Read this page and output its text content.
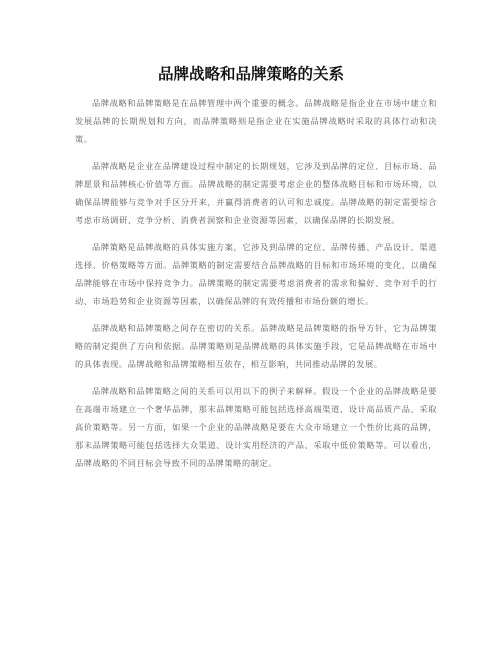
品牌战略和品牌策略的关系

品牌战略和品牌策略是在品牌管理中两个重要的概念。品牌战略是指企业在市场中建立和发展品牌的长期规划和方向，而品牌策略则是指企业在实施品牌战略时采取的具体行动和决策。

品牌战略是企业在品牌建设过程中制定的长期规划，它涉及到品牌的定位、目标市场、品牌愿景和品牌核心价值等方面。品牌战略的制定需要考虑企业的整体战略目标和市场环境，以确保品牌能够与竞争对手区分开来，并赢得消费者的认可和忠诚度。品牌战略的制定需要综合考虑市场调研、竞争分析、消费者洞察和企业资源等因素，以确保品牌的长期发展。

品牌策略是品牌战略的具体实施方案，它涉及到品牌的定位、品牌传播、产品设计、渠道选择、价格策略等方面。品牌策略的制定需要结合品牌战略的目标和市场环境的变化，以确保品牌能够在市场中保持竞争力。品牌策略的制定需要考虑消费者的需求和偏好、竞争对手的行动、市场趋势和企业资源等因素，以确保品牌的有效传播和市场份额的增长。

品牌战略和品牌策略之间存在密切的关系。品牌战略是品牌策略的指导方针，它为品牌策略的制定提供了方向和依据。品牌策略则是品牌战略的具体实施手段，它是品牌战略在市场中的具体表现。品牌战略和品牌策略相互依存，相互影响，共同推动品牌的发展。

品牌战略和品牌策略之间的关系可以用以下的例子来解释。假设一个企业的品牌战略是要在高端市场建立一个奢华品牌，那末品牌策略可能包括选择高端渠道、设计高品质产品、采取高价策略等。另一方面，如果一个企业的品牌战略是要在大众市场建立一个性价比高的品牌，那末品牌策略可能包括选择大众渠道、设计实用经济的产品、采取中低价策略等。可以看出，品牌战略的不同目标会导致不同的品牌策略的制定。
